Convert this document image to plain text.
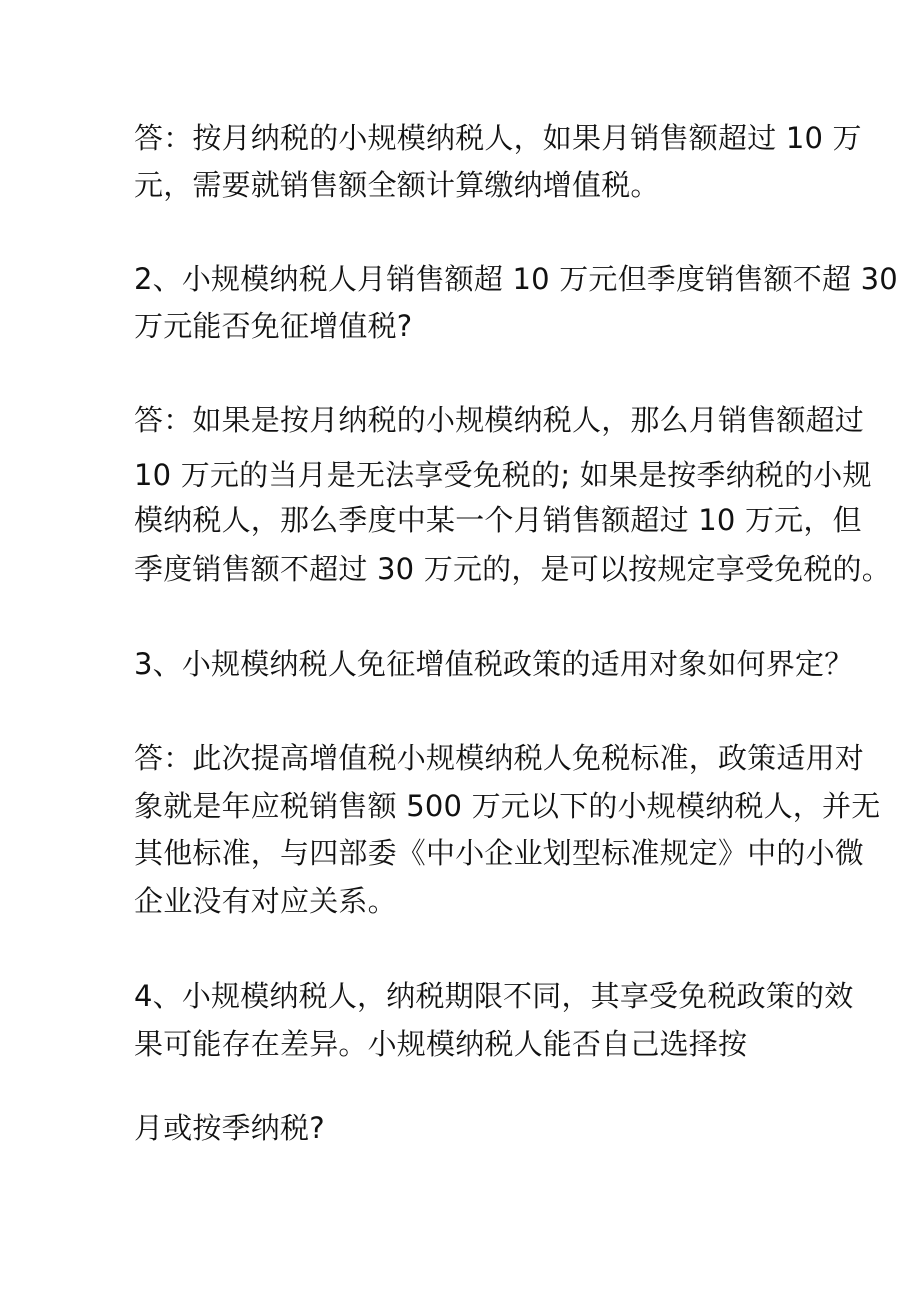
答：按月纳税的小规模纳税人，如果月销售额超过 10 万
元，需要就销售额全额计算缴纳增值税。
2、小规模纳税人月销售额超 10 万元但季度销售额不超 30
万元能否免征增值税?
答：如果是按月纳税的小规模纳税人，那么月销售额超过
10 万元的当月是无法享受免税的; 如果是按季纳税的小规
模纳税人，那么季度中某一个月销售额超过 10 万元，但
季度销售额不超过 30 万元的，是可以按规定享受免税的。
3、小规模纳税人免征增值税政策的适用对象如何界定？
答：此次提高增值税小规模纳税人免税标准，政策适用对
象就是年应税销售额 500 万元以下的小规模纳税人，并无
其他标准，与四部委《中小企业划型标准规定》中的小微
企业没有对应关系。
4、小规模纳税人，纳税期限不同，其享受免税政策的效
果可能存在差异。小规模纳税人能否自己选择按
月或按季纳税?
